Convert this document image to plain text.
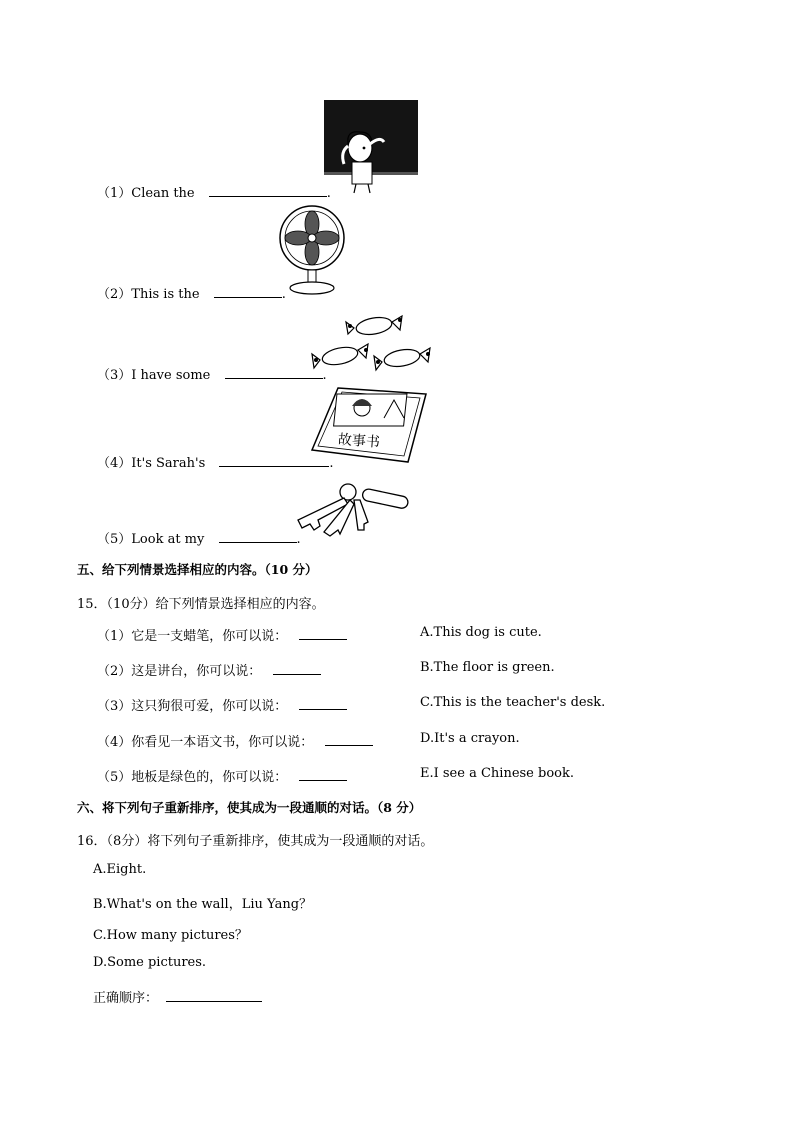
故事书
（1）Clean the	.
（2）This is the	.
（3）I have some	.
（4）It's Sarah's	.
（5）Look at my	.
五、给下列情景选择相应的内容。（10 分）
15．（10分）给下列情景选择相应的内容。
（1）它是一支蜡笔，你可以说：
（2）这是讲台，你可以说：
（3）这只狗很可爱，你可以说：
（4）你看见一本语文书，你可以说：
（5）地板是绿色的，你可以说：
A.This dog is cute.
B.The floor is green.
C.This is the teacher's desk.
D.It's a crayon.
E.I see a Chinese book.
六、将下列句子重新排序，使其成为一段通顺的对话。（8 分）
16．（8分）将下列句子重新排序，使其成为一段通顺的对话。
A.Eight.
B.What's on the wall，Liu Yang？
C.How many pictures？
D.Some pictures.
正确顺序：
